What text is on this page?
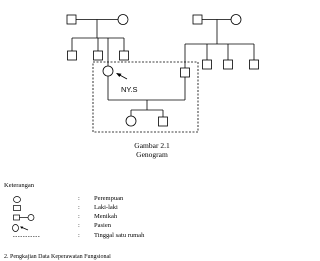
NY.S
Gambar 2.1
Genogram
Keterangan
: Perempuan
: Laki-laki
: Menikah
: Pasien
: Tinggal satu rumah
2. Pengkajian Data Keperawatan Fungsional
